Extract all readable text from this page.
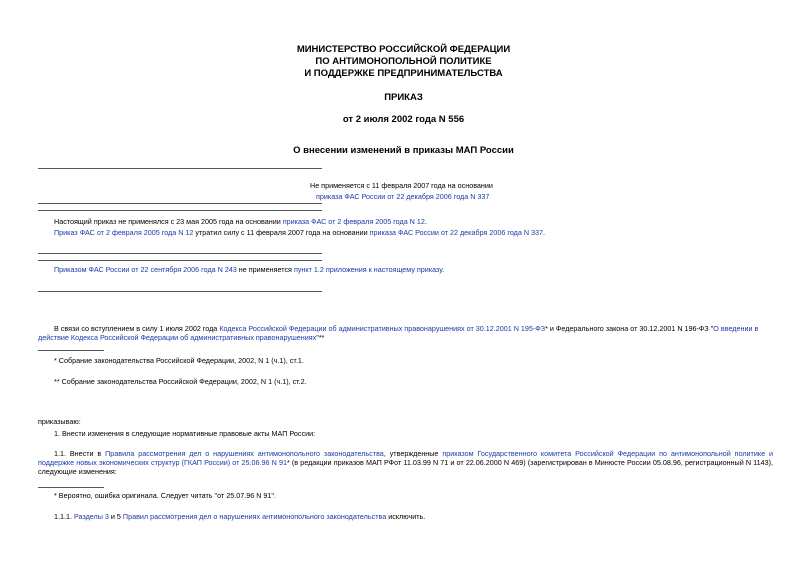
МИНИСТЕРСТВО РОССИЙСКОЙ ФЕДЕРАЦИИ
ПО АНТИМОНОПОЛЬНОЙ ПОЛИТИКЕ
И ПОДДЕРЖКЕ ПРЕДПРИНИМАТЕЛЬСТВА
ПРИКАЗ
от 2 июля 2002 года N 556
О внесении изменений в приказы МАП России
Не применяется с 11 февраля 2007 года на основании
приказа ФАС России от 22 декабря 2006 года N 337
Настоящий приказ не применялся с 23 мая 2005 года на основании приказа ФАС от 2 февраля 2005 года N 12.
Приказ ФАС от 2 февраля 2005 года N 12 утратил силу с 11 февраля 2007 года на основании приказа ФАС России от 22 декабря 2006 года N 337.
Приказом ФАС России от 22 сентября 2006 года N 243 не применяется пункт 1.2 приложения к настоящему приказу.
В связи со вступлением в силу 1 июля 2002 года Кодекса Российской Федерации об административных правонарушениях от 30.12.2001 N 195-ФЗ* и Федерального закона от 30.12.2001 N 196-ФЗ "О введении в действие Кодекса Российской Федерации об административных правонарушениях"**
* Собрание законодательства Российской Федерации, 2002, N 1 (ч.1), ст.1.
** Собрание законодательства Российской Федерации, 2002, N 1 (ч.1), ст.2.
приказываю:
1. Внести изменения в следующие нормативные правовые акты МАП России:
1.1. Внести в Правила рассмотрения дел о нарушениях антимонопольного законодательства, утвержденные приказом Государственного комитета Российской Федерации по антимонопольной политике и поддержке новых экономических структур (ГКАП России) от 25.06.96 N 91* (в редакции приказов МАП РФот 11.03.99 N 71 и от 22.06.2000 N 469) (зарегистрирован в Минюсте России 05.08.96, регистрационный N 1143), следующие изменения:
* Вероятно, ошибка оригинала. Следует читать "от 25.07.96 N 91".
1.1.1. Разделы 3 и 5 Правил рассмотрения дел о нарушениях антимонопольного законодательства исключить.
